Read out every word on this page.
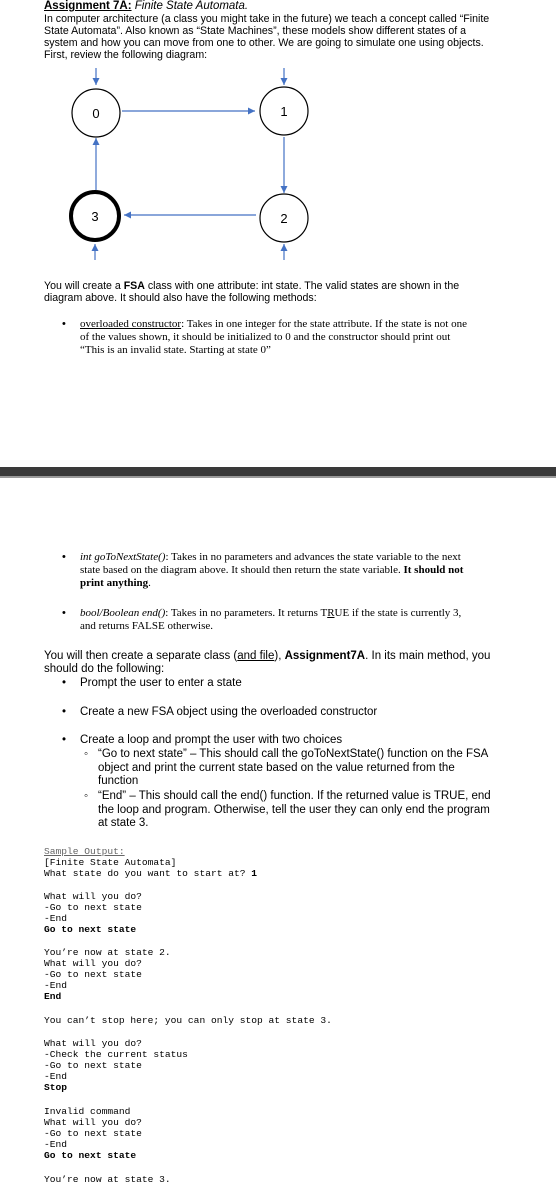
Assignment 7A: Finite State Automata.
In computer architecture (a class you might take in the future) we teach a concept called “Finite
State Automata”. Also known as “State Machines”, these models show different states of a
system and how you can move from one to other. We are going to simulate one using objects.
First, review the following diagram:
0	1
2
3
You will create a FSA class with one attribute: int state. The valid states are shown in the
diagram above. It should also have the following methods:
• overloaded constructor: Takes in one integer for the state attribute. If the state is not one
of the values shown, it should be initialized to 0 and the constructor should print out
“This is an invalid state. Starting at state 0”
• int goToNextState(): Takes in no parameters and advances the state variable to the next
state based on the diagram above. It should then return the state variable. It should not
print anything.
• bool/Boolean end(): Takes in no parameters. It returns TRUE if the state is currently 3,
and returns FALSE otherwise.
You will then create a separate class (and file), Assignment7A. In its main method, you
should do the following:
• Prompt the user to enter a state
• Create a new FSA object using the overloaded constructor
• Create a loop and prompt the user with two choices
◦ “Go to next state” – This should call the goToNextState() function on the FSA
object and print the current state based on the value returned from the
function
◦ “End” – This should call the end() function. If the returned value is TRUE, end
the loop and program. Otherwise, tell the user they can only end the program
at state 3.
Sample Output:
[Finite State Automata]
What state do you want to start at? 1
What will you do?
-Go to next state
-End
Go to next state
You’re now at state 2.
What will you do?
-Go to next state
-End
End
You can’t stop here; you can only stop at state 3.
What will you do?
-Check the current status
-Go to next state
-End
Stop
Invalid command
What will you do?
-Go to next state
-End
Go to next state
You’re now at state 3.
